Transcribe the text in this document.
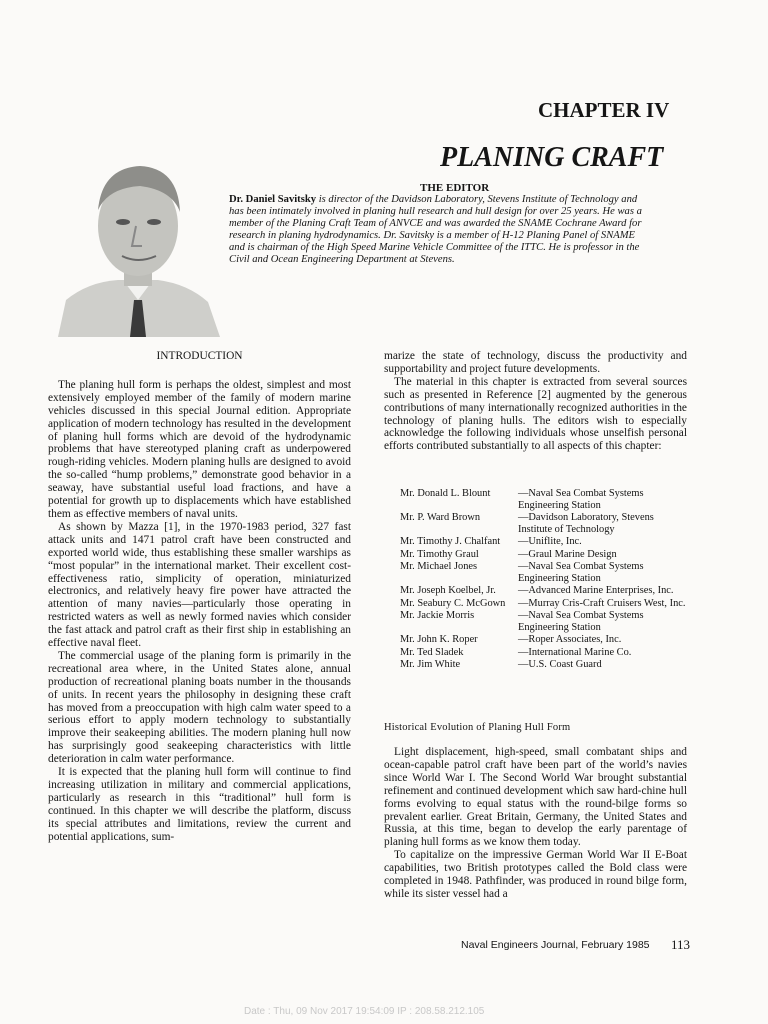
CHAPTER IV
PLANING CRAFT
THE EDITOR
Dr. Daniel Savitsky is director of the Davidson Laboratory, Stevens Institute of Technology and
has been intimately involved in planing hull research and hull design for over 25 years. He was a
member of the Planing Craft Team of ANVCE and was awarded the SNAME Cochrane Award for
research in planing hydrodynamics. Dr. Savitsky is a member of H-12 Planing Panel of SNAME
and is chairman of the High Speed Marine Vehicle Committee of the ITTC. He is professor in the
Civil and Ocean Engineering Department at Stevens.

INTRODUCTION

The planing hull form is perhaps the oldest, simplest and most extensively employed member of the family of modern marine vehicles discussed in this special Journal edition. Appropriate application of modern technology has resulted in the development of planing hull forms which are devoid of the hydrodynamic problems that have stereotyped planing craft as underpowered rough-riding vehicles. Modern planing hulls are designed to avoid the so-called “hump problems,” demonstrate good behavior in a seaway, have substantial useful load fractions, and have a potential for growth up to displacements which have established them as effective members of naval units.

As shown by Mazza [1], in the 1970-1983 period, 327 fast attack units and 1471 patrol craft have been constructed and exported world wide, thus establishing these smaller warships as “most popular” in the international market. Their excellent cost-effectiveness ratio, simplicity of operation, miniaturized electronics, and relatively heavy fire power have attracted the attention of many navies—particularly those operating in restricted waters as well as newly formed navies which consider the fast attack and patrol craft as their first ship in establishing an effective naval fleet.

The commercial usage of the planing form is primarily in the recreational area where, in the United States alone, annual production of recreational planing boats number in the thousands of units. In recent years the philosophy in designing these craft has moved from a preoccupation with high calm water speed to a serious effort to apply modern technology to substantially improve their seakeeping abilities. The modern planing hull now has surprisingly good seakeeping characteristics with little deterioration in calm water performance.

It is expected that the planing hull form will continue to find increasing utilization in military and commercial applications, particularly as research in this “traditional” hull form is continued. In this chapter we will describe the platform, discuss its special attributes and limitations, review the current and potential applications, sum-

marize the state of technology, discuss the productivity and supportability and project future developments.

The material in this chapter is extracted from several sources such as presented in Reference [2] augmented by the generous contributions of many internationally recognized authorities in the technology of planing hulls. The editors wish to especially acknowledge the following individuals whose unselfish personal efforts contributed substantially to all aspects of this chapter:

Mr. Donald L. Blount	—Naval Sea Combat Systems Engineering Station
Mr. P. Ward Brown	—Davidson Laboratory, Stevens Institute of Technology
Mr. Timothy J. Chalfant	—Uniflite, Inc.
Mr. Timothy Graul	—Graul Marine Design
Mr. Michael Jones	—Naval Sea Combat Systems Engineering Station
Mr. Joseph Koelbel, Jr.	—Advanced Marine Enterprises, Inc.
Mr. Seabury C. McGown	—Murray Cris-Craft Cruisers West, Inc.
Mr. Jackie Morris	—Naval Sea Combat Systems Engineering Station
Mr. John K. Roper	—Roper Associates, Inc.
Mr. Ted Sladek	—International Marine Co.
Mr. Jim White	—U.S. Coast Guard
Historical Evolution of Planing Hull Form

Light displacement, high-speed, small combatant ships and ocean-capable patrol craft have been part of the world’s navies since World War I. The Second World War brought substantial refinement and continued development which saw hard-chine hull forms evolving to equal status with the round-bilge forms so prevalent earlier. Great Britain, Germany, the United States and Russia, at this time, began to develop the early parentage of planing hull forms as we know them today.

To capitalize on the impressive German World War II E-Boat capabilities, two British prototypes called the Bold class were completed in 1948. Pathfinder, was produced in round bilge form, while its sister vessel had a

Naval Engineers Journal, February 1985 113
Date : Thu, 09 Nov 2017 19:54:09 IP : 208.58.212.105
